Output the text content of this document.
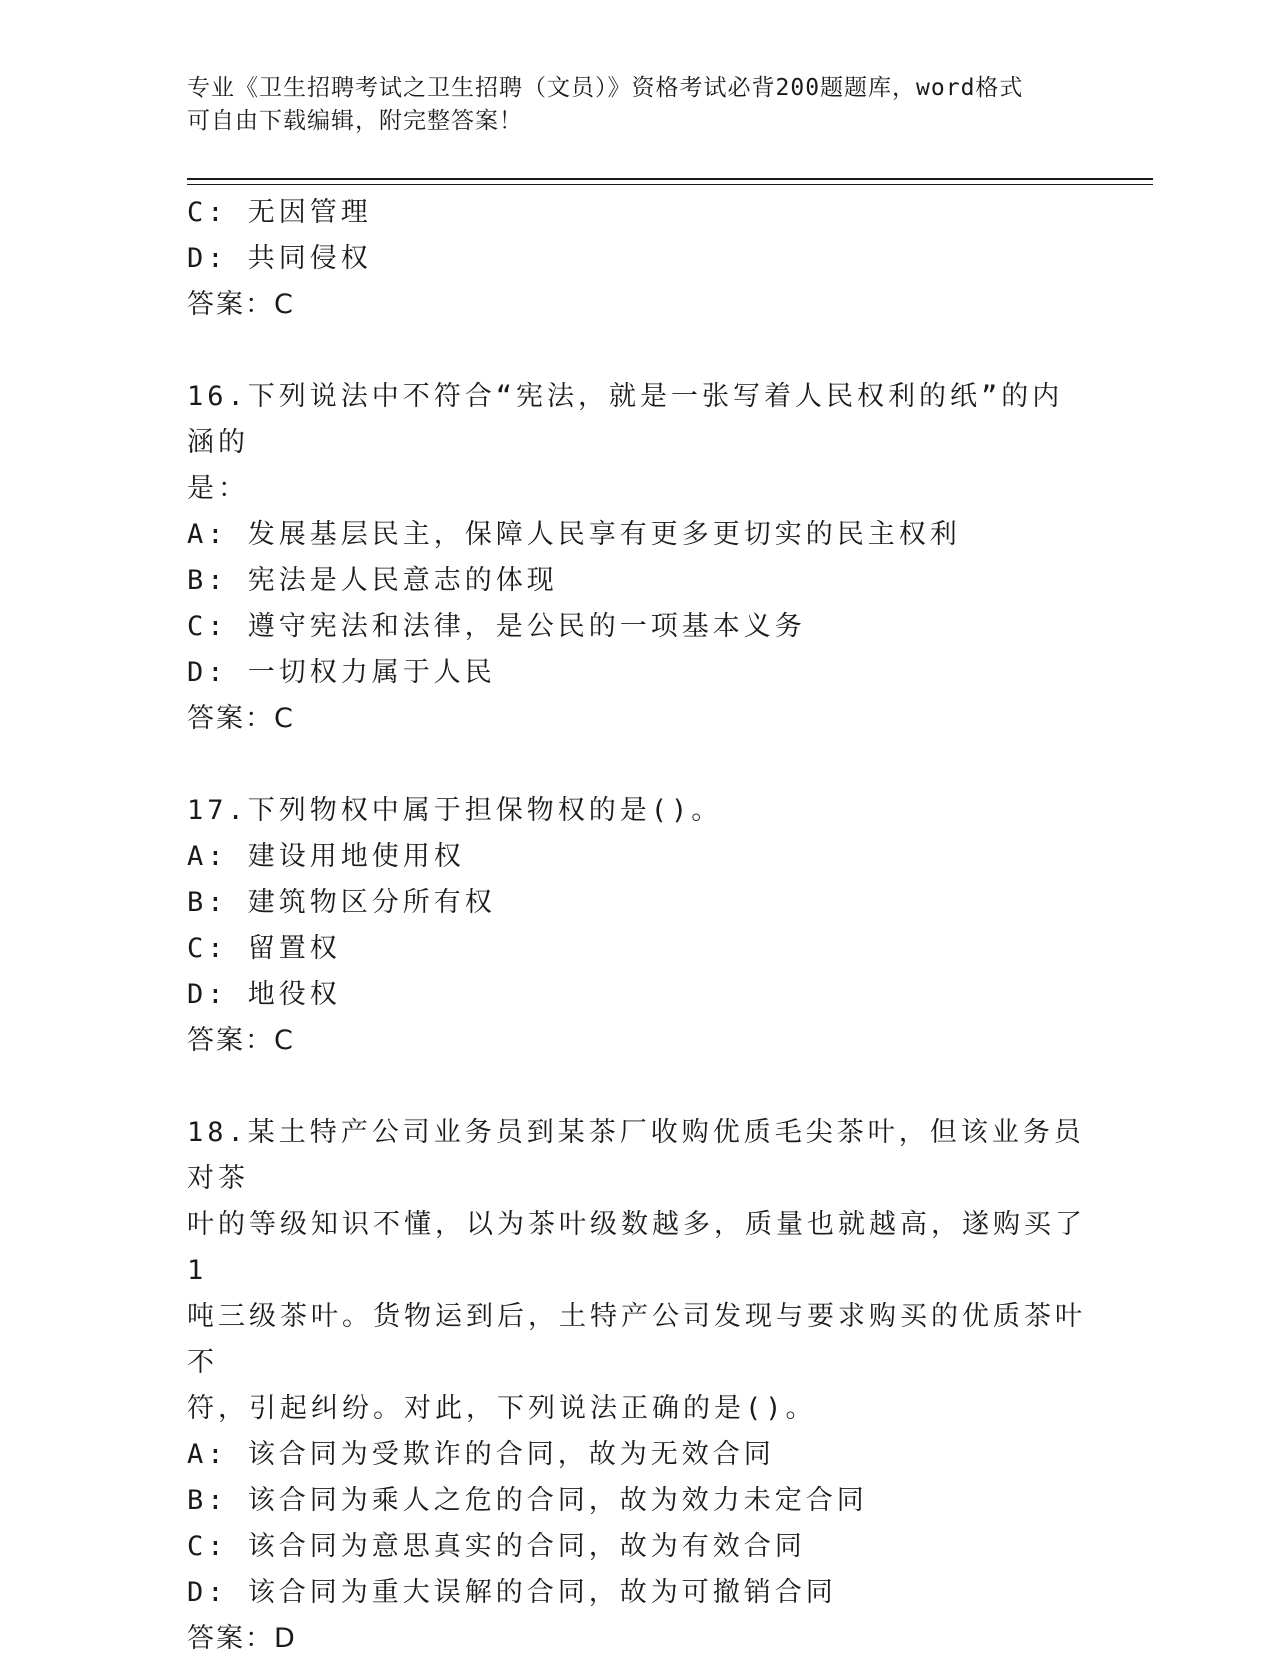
专业《卫生招聘考试之卫生招聘（文员）》资格考试必背200题题库，word格式
可自由下载编辑，附完整答案！
C: 无因管理
D: 共同侵权
答案：C
16.下列说法中不符合“宪法，就是一张写着人民权利的纸”的内涵的
是：
A: 发展基层民主，保障人民享有更多更切实的民主权利
B: 宪法是人民意志的体现
C: 遵守宪法和法律，是公民的一项基本义务
D: 一切权力属于人民
答案：C
17.下列物权中属于担保物权的是()。
A: 建设用地使用权
B: 建筑物区分所有权
C: 留置权
D: 地役权
答案：C
18.某土特产公司业务员到某茶厂收购优质毛尖茶叶，但该业务员对茶
叶的等级知识不懂，以为茶叶级数越多，质量也就越高，遂购买了 1
吨三级茶叶。货物运到后，土特产公司发现与要求购买的优质茶叶不
符，引起纠纷。对此，下列说法正确的是()。
A: 该合同为受欺诈的合同，故为无效合同
B: 该合同为乘人之危的合同，故为效力未定合同
C: 该合同为意思真实的合同，故为有效合同
D: 该合同为重大误解的合同，故为可撤销合同
答案：D
